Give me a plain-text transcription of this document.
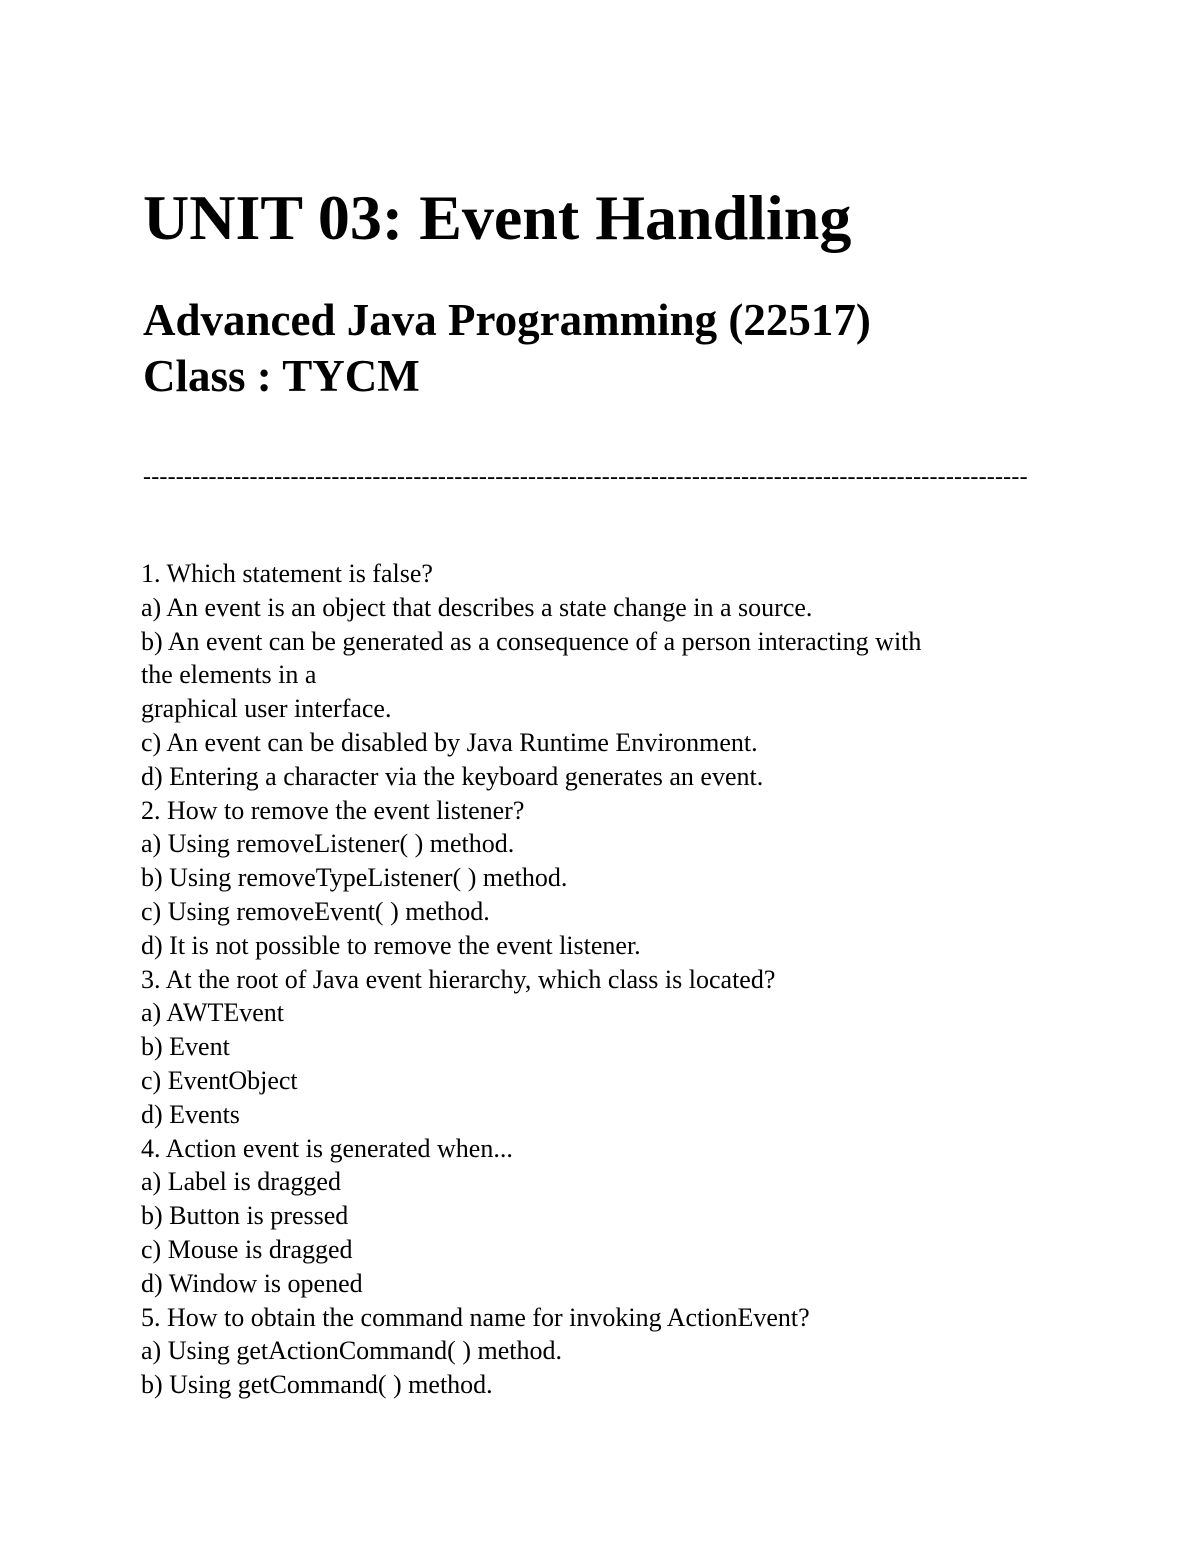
UNIT 03: Event Handling
Advanced Java Programming (22517)
Class : TYCM
------------------------------------------------------------------------------------------------------------
1. Which statement is false?
a) An event is an object that describes a state change in a source.
b) An event can be generated as a consequence of a person interacting with
the elements in a
graphical user interface.
c) An event can be disabled by Java Runtime Environment.
d) Entering a character via the keyboard generates an event.
2. How to remove the event listener?
a) Using removeListener( ) method.
b) Using removeTypeListener( ) method.
c) Using removeEvent( ) method.
d) It is not possible to remove the event listener.
3. At the root of Java event hierarchy, which class is located?
a) AWTEvent
b) Event
c) EventObject
d) Events
4. Action event is generated when...
a) Label is dragged
b) Button is pressed
c) Mouse is dragged
d) Window is opened
5. How to obtain the command name for invoking ActionEvent?
a) Using getActionCommand( ) method.
b) Using getCommand( ) method.
